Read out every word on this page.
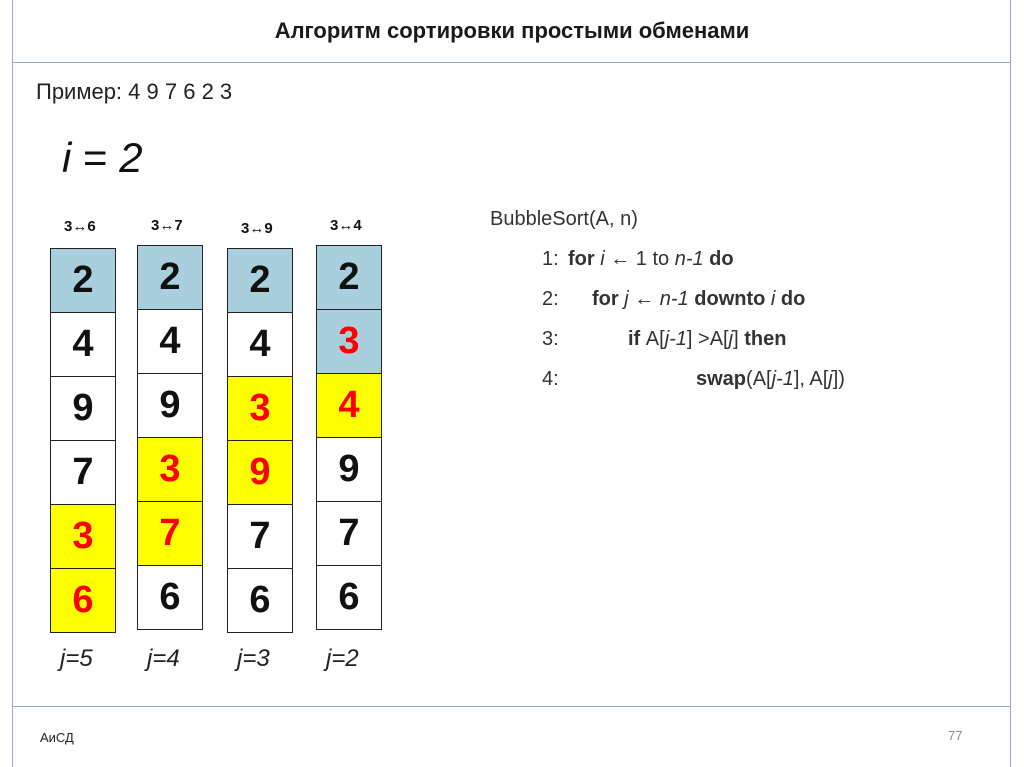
Алгоритм сортировки простыми обменами
Пример: 4 9 7 6 2 3
i = 2
3↔6
2
4
9
7
3
6
j=5
3↔7
2
4
9
3
7
6
j=4
3↔9
2
4
3
9
7
6
j=3
3↔4
2
3
4
9
7
6
j=2
BubbleSort(A, n)
1: for i ← 1 to n-1 do
2: for j ← n-1 downto i do
3:	if A[j-1] >A[j] then
4:	swap(A[j-1], A[j])
АиСД	77
